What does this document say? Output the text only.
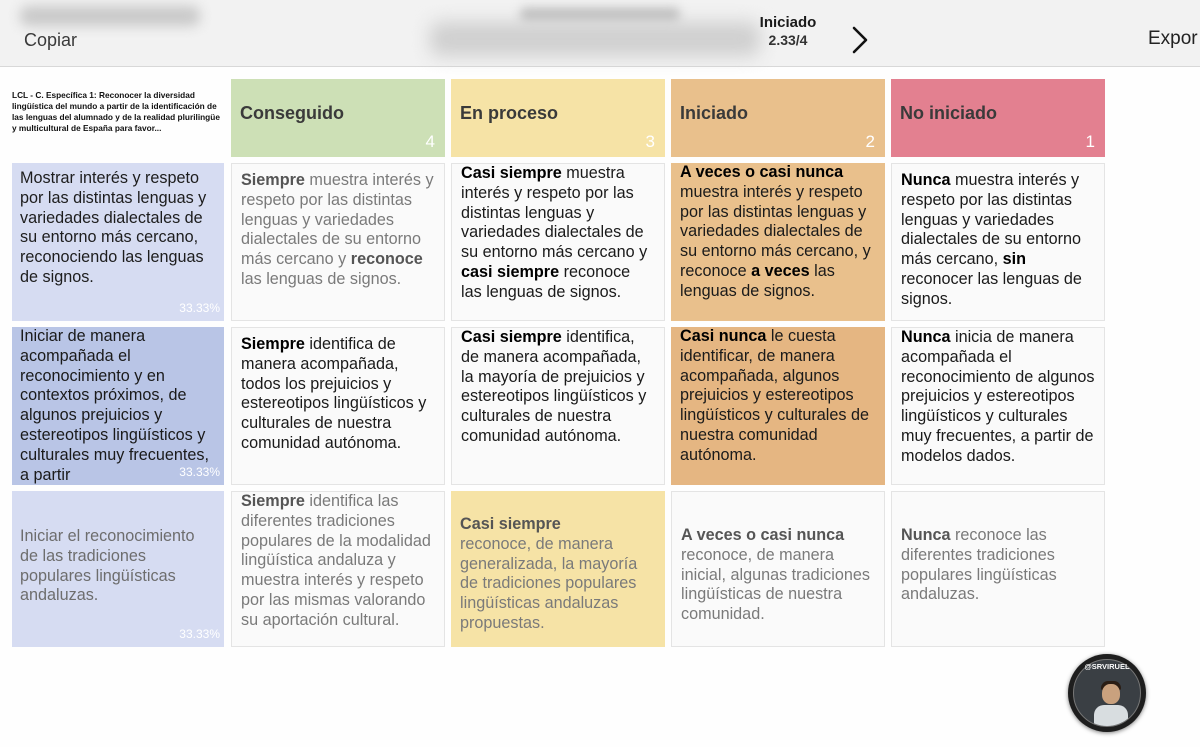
Copiar
Iniciado
2.33/4	Expor
LCL - C. Específica 1: Reconocer la diversidad lingüística del mundo a partir de la identificación de las lenguas del alumnado y de la realidad plurilingüe y multicultural de España para favor...
Conseguido
4
En proceso
3
Iniciado
2
No iniciado
1
Mostrar interés y respeto por las distintas lenguas y variedades dialectales de su entorno más cercano, reconociendo las lenguas de signos.
33.33%
Siempre muestra interés y respeto por las distintas lenguas y variedades dialectales de su entorno más cercano y reconoce las lenguas de signos.
Casi siempre muestra interés y respeto por las distintas lenguas y variedades dialectales de su entorno más cercano y casi siempre reconoce las lenguas de signos.
A veces o casi nunca muestra interés y respeto por las distintas lenguas y variedades dialectales de su entorno más cercano, y reconoce a veces las lenguas de signos.
Nunca muestra interés y respeto por las distintas lenguas y variedades dialectales de su entorno más cercano, sin reconocer las lenguas de signos.
Iniciar de manera acompañada el reconocimiento y en contextos próximos, de algunos prejuicios y estereotipos lingüísticos y culturales muy frecuentes, a partir	33.33%
Siempre identifica de manera acompañada, todos los prejuicios y estereotipos lingüísticos y culturales de nuestra comunidad autónoma.
Casi siempre identifica, de manera acompañada, la mayoría de prejuicios y estereotipos lingüísticos y culturales de nuestra comunidad autónoma.
Casi nunca le cuesta identificar, de manera acompañada, algunos prejuicios y estereotipos lingüísticos y culturales de nuestra comunidad autónoma.
Nunca inicia de manera acompañada el reconocimiento de algunos prejuicios y estereotipos lingüísticos y culturales muy frecuentes, a partir de modelos dados.
Iniciar el reconocimiento de las tradiciones populares lingüísticas andaluzas.
33.33%
Siempre identifica las diferentes tradiciones populares de la modalidad lingüística andaluza y muestra interés y respeto por las mismas valorando su aportación cultural.
Casi siempre
reconoce, de manera generalizada, la mayoría de tradiciones populares lingüísticas andaluzas propuestas.
A veces o casi nunca
reconoce, de manera inicial, algunas tradiciones lingüísticas de nuestra comunidad.
Nunca reconoce las diferentes tradiciones populares lingüísticas andaluzas.
@SRVIRUEL
